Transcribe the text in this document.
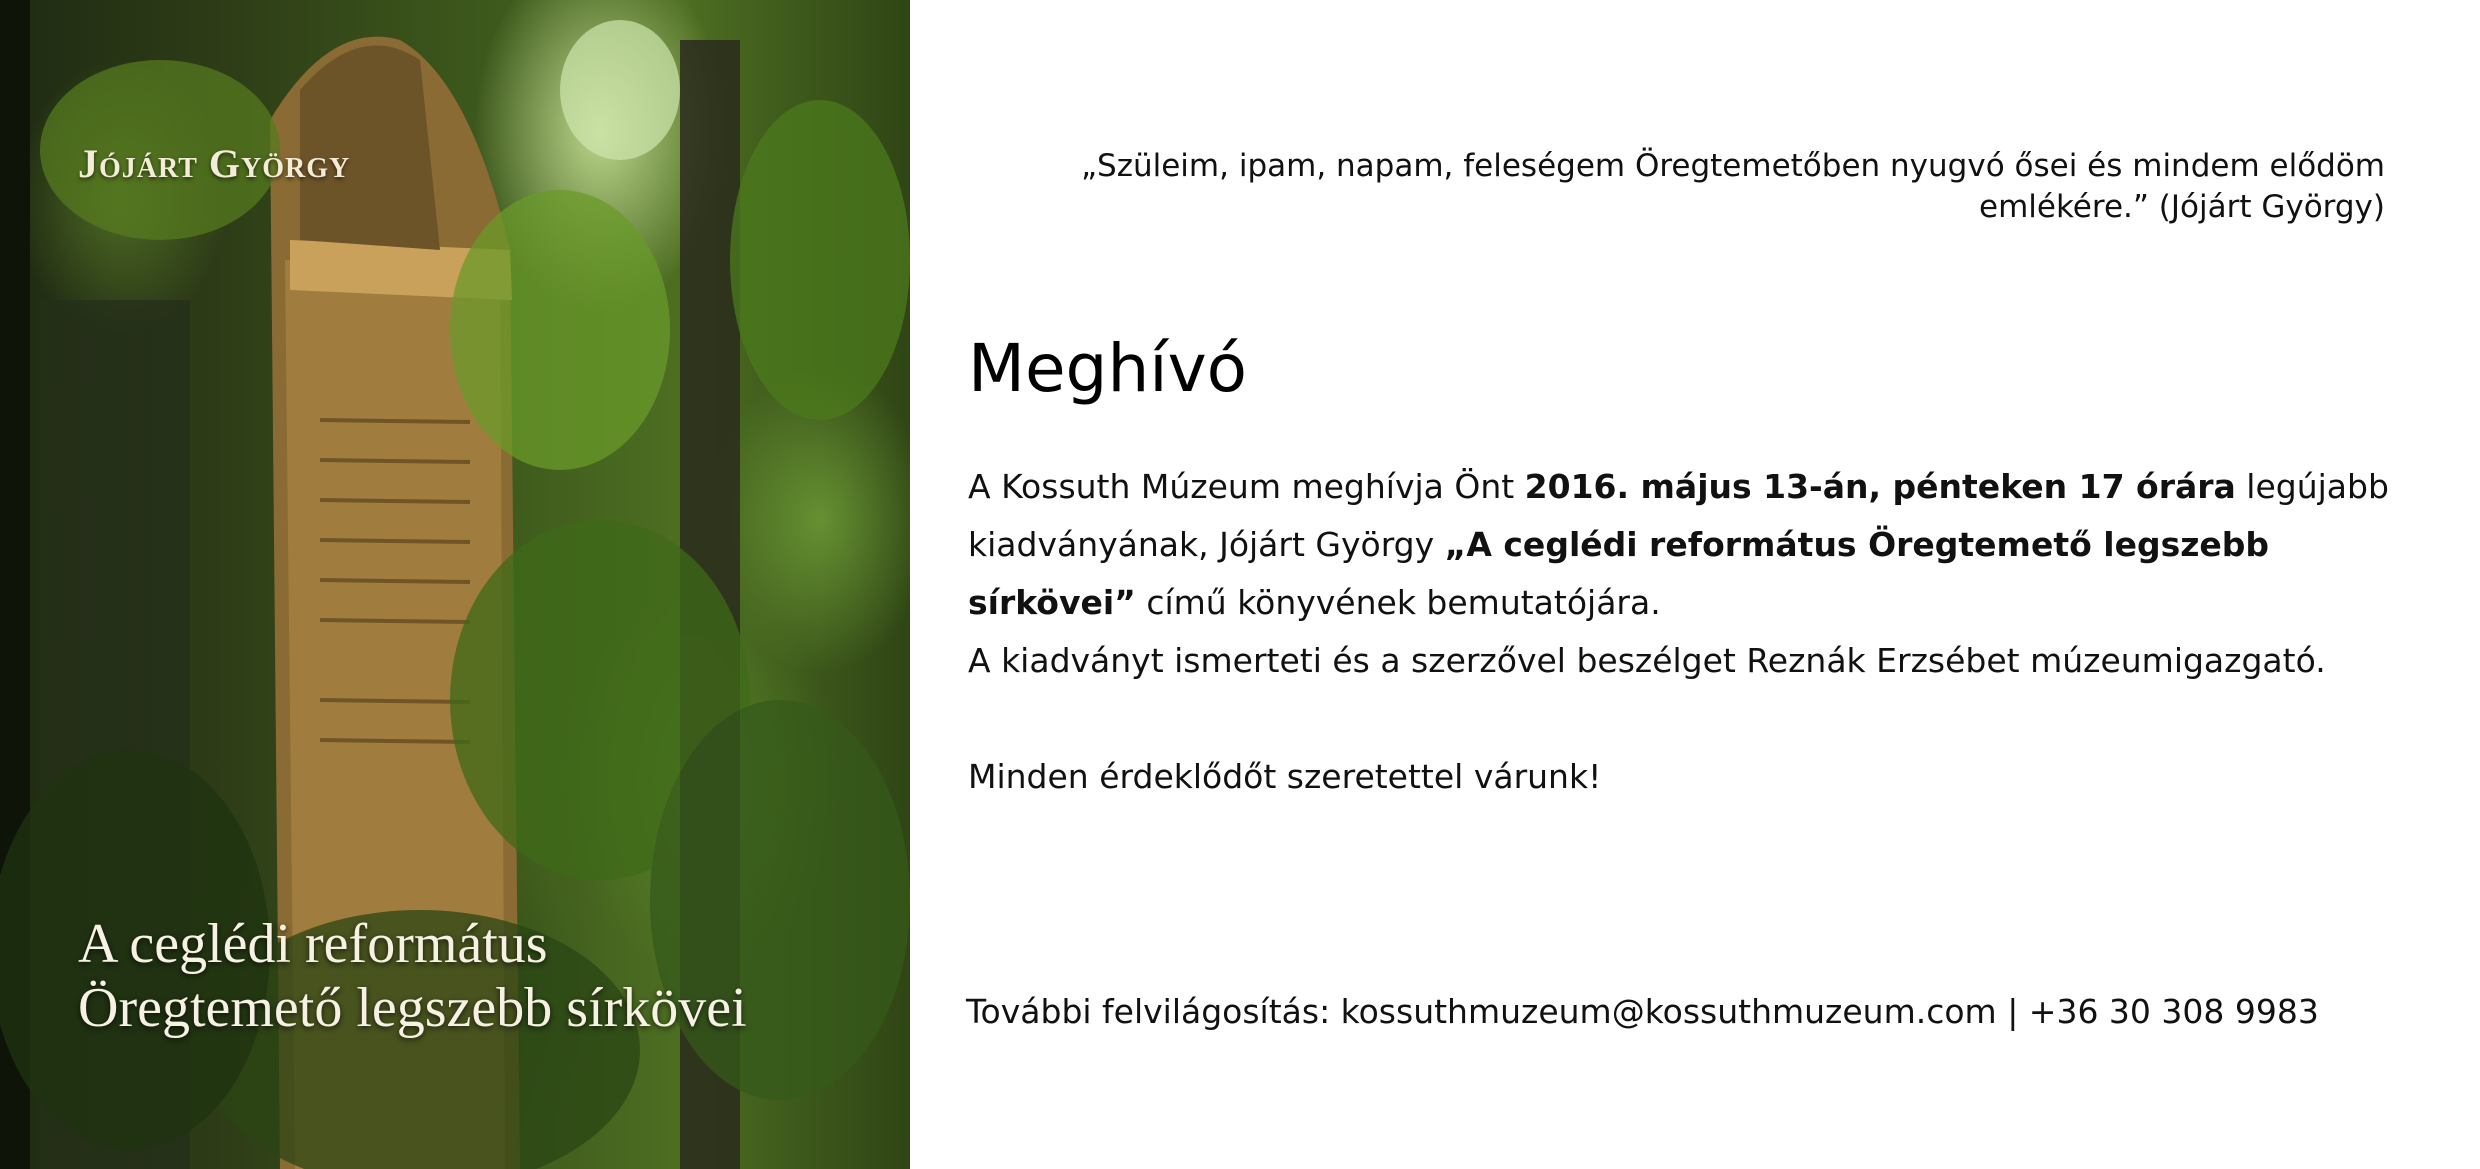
Jójárt György
A ceglédi református
Öregtemető legszebb sírkövei
„Szüleim, ipam, napam, feleségem Öregtemetőben nyugvó ősei és mindem elődöm
emlékére.” (Jójárt György)
Meghívó

A Kossuth Múzeum meghívja Önt 2016. május 13-án, pénteken 17 órára legújabb kiadványának, Jójárt György „A ceglédi református Öregtemető legszebb sírkövei” című könyvének bemutatójára.

A kiadványt ismerteti és a szerzővel beszélget Reznák Erzsébet múzeumigazgató.

Minden érdeklődőt szeretettel várunk!

További felvilágosítás: kossuthmuzeum@kossuthmuzeum.com | +36 30 308 9983
